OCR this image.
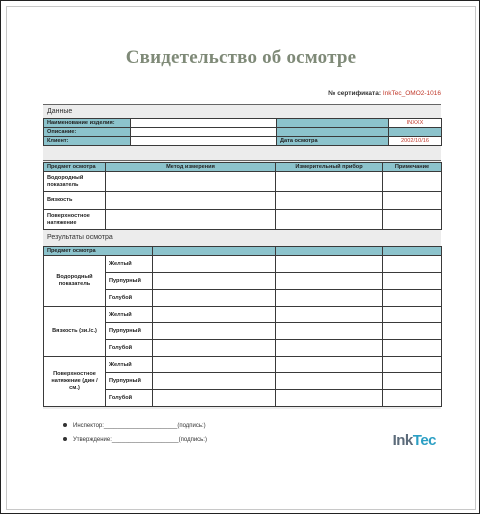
Свидетельство об осмотре
№ сертификата: InkTec_OMO2-1016
Данные
Наименование изделия:			INXXX
Описание:			
Клиент:		Дата осмотра	2002/10/16
Предмет осмотра	Метод измерения	Измерительный прибор	Примечание
Водородный показатель			
Вязкость			
Поверхностное натяжение			
Результаты осмотра
Предмет осмотра				
Водородный показатель	Желтый			
	Пурпурный			
	Голубой			
Вязкость (зи./с.)	Желтый			
	Пурпурный			
	Голубой			
Поверхностное натяжение (дин / см.)	Желтый			
	Пурпурный			
	Голубой			
Инспектор:______________________(подпись:)
Утверждение:____________________(подпись:)	InkTec
